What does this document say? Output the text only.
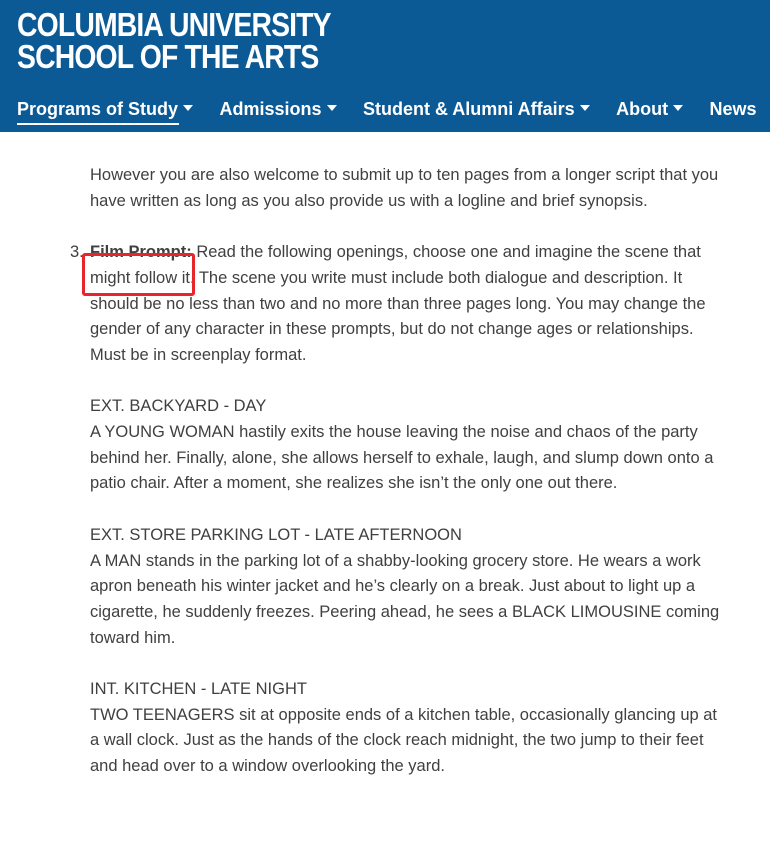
COLUMBIA UNIVERSITY
SCHOOL OF THE ARTS
Programs of Study Admissions Student & Alumni Affairs About News

However you are also welcome to submit up to ten pages from a longer script that you have written as long as you also provide us with a logline and brief synopsis.

3. Film Prompt: Read the following openings, choose one and imagine the scene that might follow it. The scene you write must include both dialogue and description. It should be no less than two and no more than three pages long. You may change the gender of any character in these prompts, but do not change ages or relationships. Must be in screenplay format.

EXT. BACKYARD - DAY

A YOUNG WOMAN hastily exits the house leaving the noise and chaos of the party behind her. Finally, alone, she allows herself to exhale, laugh, and slump down onto a patio chair. After a moment, she realizes she isn’t the only one out there.

EXT. STORE PARKING LOT - LATE AFTERNOON

A MAN stands in the parking lot of a shabby-looking grocery store. He wears a work apron beneath his winter jacket and he’s clearly on a break. Just about to light up a cigarette, he suddenly freezes. Peering ahead, he sees a BLACK LIMOUSINE coming toward him.

INT. KITCHEN - LATE NIGHT

TWO TEENAGERS sit at opposite ends of a kitchen table, occasionally glancing up at a wall clock. Just as the hands of the clock reach midnight, the two jump to their feet and head over to a window overlooking the yard.
